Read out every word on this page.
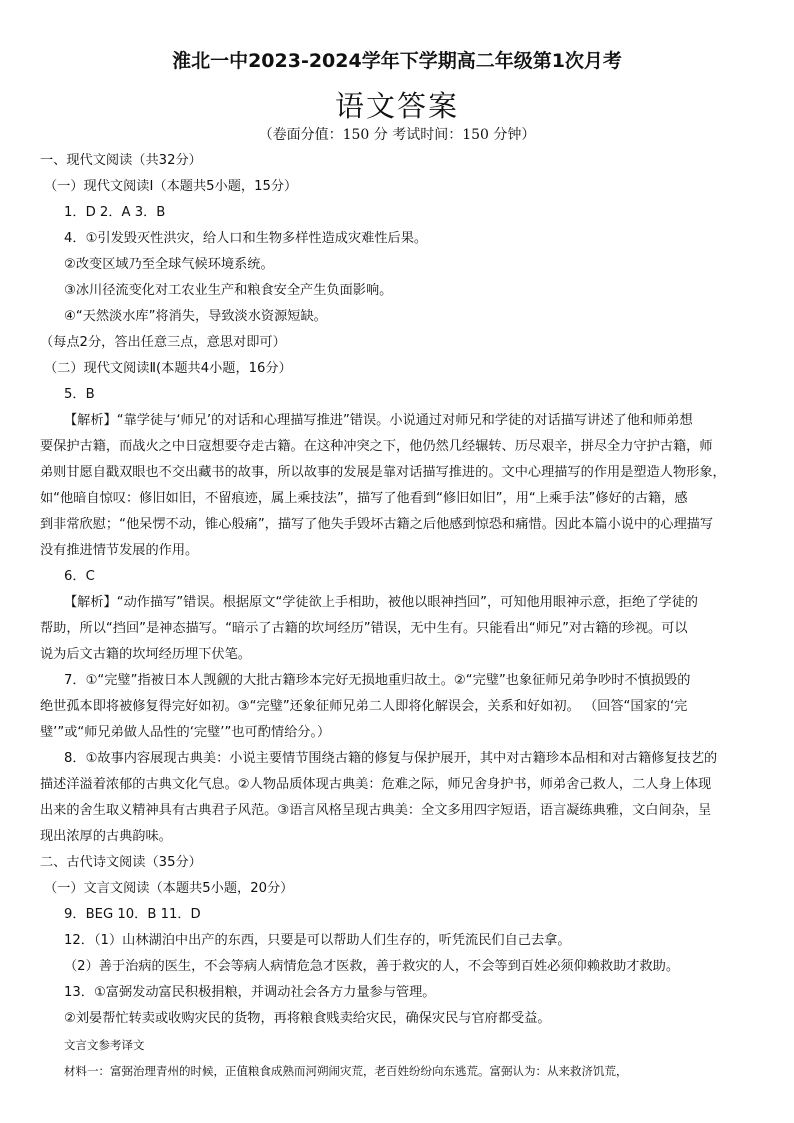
淮北一中2023-2024学年下学期高二年级第1次月考
语文答案
（卷面分值：150 分 考试时间：150 分钟）
一、现代文阅读（共32分）
（一）现代文阅读Ⅰ（本题共5小题，15分）
1．D 2．A 3．B
4．①引发毁灭性洪灾，给人口和生物多样性造成灾难性后果。
②改变区域乃至全球气候环境系统。
③冰川径流变化对工农业生产和粮食安全产生负面影响。
④“天然淡水库”将消失，导致淡水资源短缺。
（每点2分，答出任意三点，意思对即可）
（二）现代文阅读Ⅱ(本题共4小题，16分）
5．B
【解析】“靠学徒与‘师兄’的对话和心理描写推进”错误。小说通过对师兄和学徒的对话描写讲述了他和师弟想
要保护古籍，而战火之中日寇想要夺走古籍。在这种冲突之下，他仍然几经辗转、历尽艰辛，拼尽全力守护古籍，师
弟则甘愿自戳双眼也不交出藏书的故事，所以故事的发展是靠对话描写推进的。文中心理描写的作用是塑造人物形象，
如“他暗自惊叹：修旧如旧，不留痕迹，属上乘技法”，描写了他看到“修旧如旧”，用“上乘手法”修好的古籍，感
到非常欣慰；“他呆愣不动，锥心般痛”，描写了他失手毁坏古籍之后他感到惊恐和痛惜。因此本篇小说中的心理描写
没有推进情节发展的作用。
6．C
【解析】“动作描写”错误。根据原文“学徒欲上手相助，被他以眼神挡回”，可知他用眼神示意，拒绝了学徒的
帮助，所以“挡回”是神态描写。“暗示了古籍的坎坷经历”错误，无中生有。只能看出“师兄”对古籍的珍视。可以
说为后文古籍的坎坷经历埋下伏笔。
7．①“完璧”指被日本人觊觎的大批古籍珍本完好无损地重归故土。②“完璧”也象征师兄弟争吵时不慎损毁的
绝世孤本即将被修复得完好如初。③“完璧”还象征师兄弟二人即将化解误会，关系和好如初。 （回答“国家的‘完
璧’”或“师兄弟做人品性的‘完璧’”也可酌情给分。）
8．①故事内容展现古典美：小说主要情节围绕古籍的修复与保护展开，其中对古籍珍本品相和对古籍修复技艺的
描述洋溢着浓郁的古典文化气息。②人物品质体现古典美：危难之际，师兄舍身护书，师弟舍己救人，二人身上体现
出来的舍生取义精神具有古典君子风范。③语言风格呈现古典美：全文多用四字短语，语言凝练典雅，文白间杂，呈
现出浓厚的古典韵味。
二、古代诗文阅读（35分）
（一）文言文阅读（本题共5小题，20分）
9．BEG 10．B 11．D
12．（1）山林湖泊中出产的东西，只要是可以帮助人们生存的，听凭流民们自己去拿。
（2）善于治病的医生，不会等病人病情危急才医救，善于救灾的人，不会等到百姓必须仰赖救助才救助。
13．①富弼发动富民积极捐粮，并调动社会各方力量参与管理。
②刘晏帮忙转卖或收购灾民的货物，再将粮食贱卖给灾民，确保灾民与官府都受益。
文言文参考译文
材料一：富弼治理青州的时候，正值粮食成熟而河朔闹灾荒，老百姓纷纷向东逃荒。富弼认为：从来救济饥荒，
